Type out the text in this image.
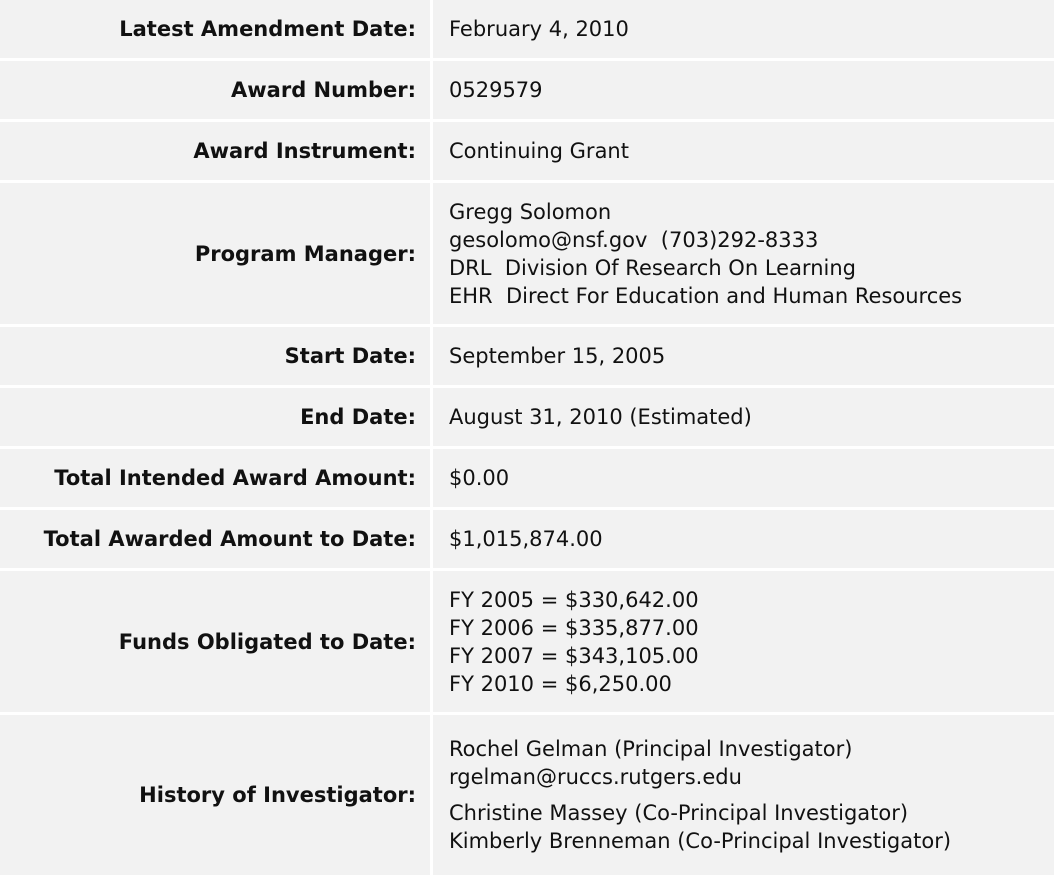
Latest Amendment Date:	February 4, 2010
Award Number:	0529579
Award Instrument:	Continuing Grant
Program Manager:	Gregg Solomon
gesolomo@nsf.gov (703)292-8333
DRL Division Of Research On Learning
EHR Direct For Education and Human Resources

Start Date:	September 15, 2005
End Date:	August 31, 2010 (Estimated)
Total Intended Award Amount:	$0.00
Total Awarded Amount to Date:	$1,015,874.00
Funds Obligated to Date:	FY 2005 = $330,642.00
FY 2006 = $335,877.00
FY 2007 = $343,105.00
FY 2010 = $6,250.00

History of Investigator:	Rochel Gelman (Principal Investigator)
rgelman@ruccs.rutgers.edu
Christine Massey (Co-Principal Investigator)
Kimberly Brenneman (Co-Principal Investigator)
